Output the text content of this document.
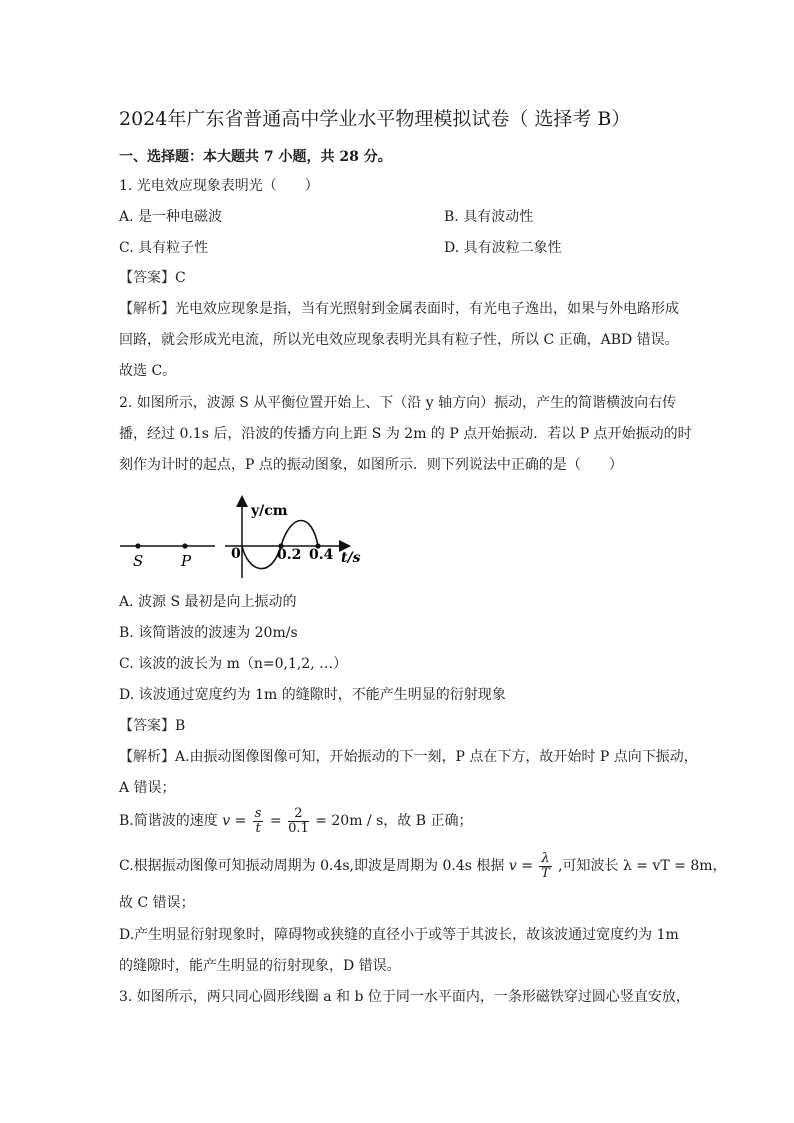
2024年广东省普通高中学业水平物理模拟试卷（ 选择考 B）
一、选择题：本大题共 7 小题，共 28 分。
1. 光电效应现象表明光（　　）
A. 是一种电磁波	B. 具有波动性
C. 具有粒子性	D. 具有波粒二象性
【答案】C
【解析】光电效应现象是指，当有光照射到金属表面时，有光电子逸出，如果与外电路形成
回路，就会形成光电流，所以光电效应现象表明光具有粒子性，所以 C 正确，ABD 错误。
故选 C。
2. 如图所示，波源 S 从平衡位置开始上、下（沿 y 轴方向）振动，产生的简谐横波向右传
播，经过 0.1s 后，沿波的传播方向上距 S 为 2m 的 P 点开始振动．若以 P 点开始振动的时
刻作为计时的起点，P 点的振动图象，如图所示．则下列说法中正确的是（　　）
S	P
y/cm
0	0.2 0.4 t/s
A. 波源 S 最初是向上振动的
B. 该简谐波的波速为 20m/s
C. 该波的波长为 m（n=0,1,2, …）
D. 该波通过宽度约为 1m 的缝隙时，不能产生明显的衍射现象
【答案】B
【解析】A.由振动图像图像可知，开始振动的下一刻，P 点在下方，故开始时 P 点向下振动，
A 错误；
B.简谐波的速度 $v = \frac{s}{t} = \frac{2}{0.1} = 20m / s$，故 B 正确；
C.根据振动图像可知振动周期为 0.4s,即波是周期为 0.4s 根据 $v = \frac{\lambda}{T}$ ,可知波长 λ = vT = 8m，
故 C 错误；
D.产生明显衍射现象时，障碍物或狭缝的直径小于或等于其波长，故该波通过宽度约为 1m
的缝隙时，能产生明显的衍射现象，D 错误。
3. 如图所示，两只同心圆形线圈 a 和 b 位于同一水平面内，一条形磁铁穿过圆心竖直安放，
